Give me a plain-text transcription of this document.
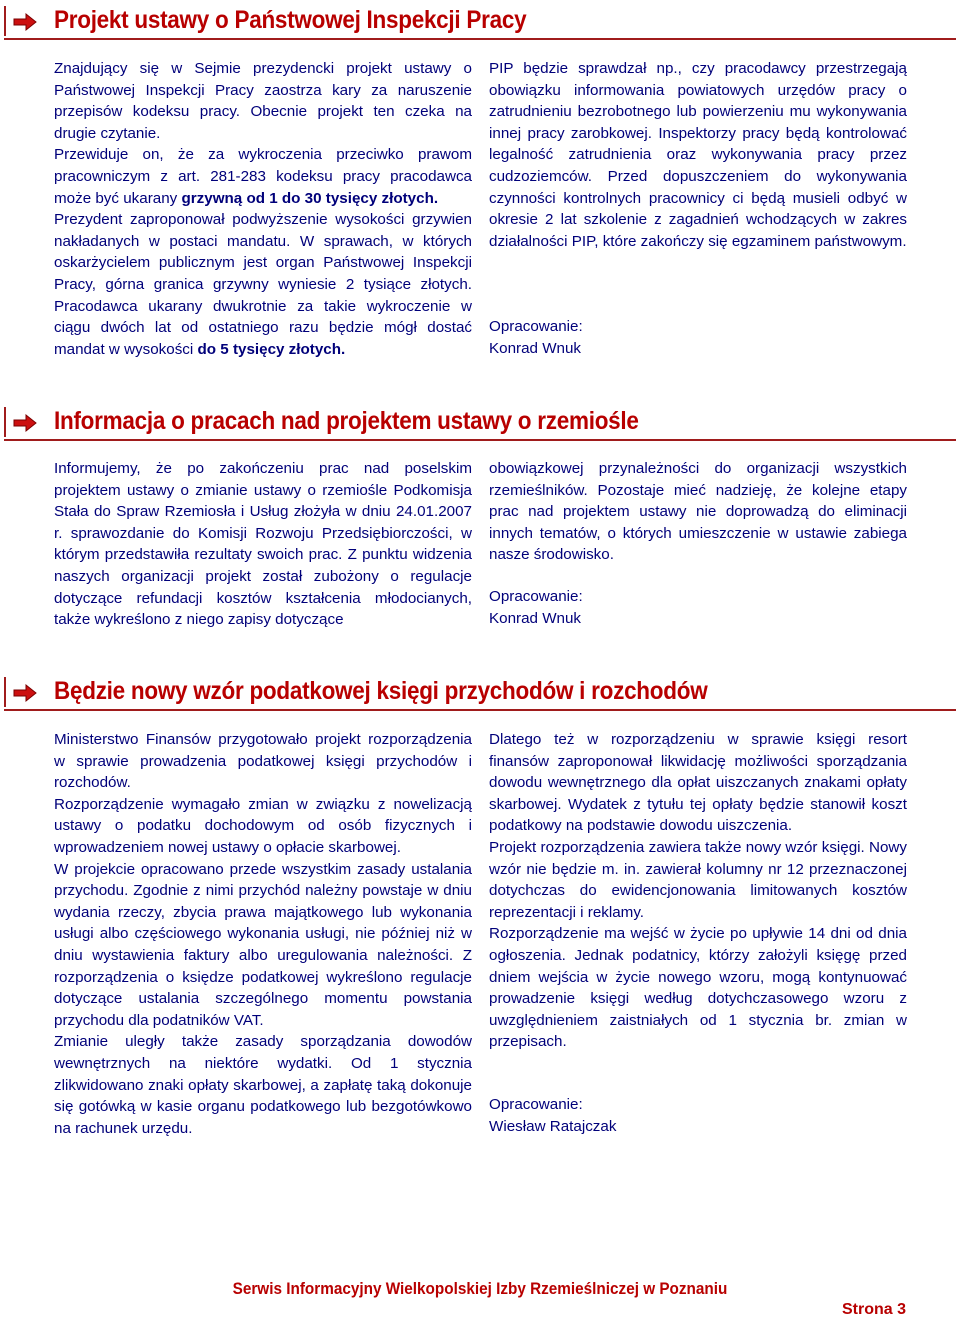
Projekt ustawy o Państwowej Inspekcji Pracy

Znajdujący się w Sejmie prezydencki projekt ustawy o Państwowej Inspekcji Pracy zaostrza kary za naruszenie przepisów kodeksu pracy. Obecnie projekt ten czeka na drugie czytanie.

Przewiduje on, że za wykroczenia przeciwko prawom pracowniczym z art. 281-283 kodeksu pracy pracodawca może być ukarany grzywną od 1 do 30 tysięcy złotych.

Prezydent zaproponował podwyższenie wysokości grzywien nakładanych w postaci mandatu. W sprawach, w których oskarżycielem publicznym jest organ Państwowej Inspekcji Pracy, górna granica grzywny wyniesie 2 tysiące złotych. Pracodawca ukarany dwukrotnie za takie wykroczenie w ciągu dwóch lat od ostatniego razu będzie mógł dostać mandat w wysokości do 5 tysięcy złotych.

PIP będzie sprawdzał np., czy pracodawcy przestrzegają obowiązku informowania powiatowych urzędów pracy o zatrudnieniu bezrobotnego lub powierzeniu mu wykonywania innej pracy zarobkowej. Inspektorzy pracy będą kontrolować legalność zatrudnienia oraz wykonywania pracy przez cudzoziemców. Przed dopuszczeniem do wykonywania czynności kontrolnych pracownicy ci będą musieli odbyć w okresie 2 lat szkolenie z zagadnień wchodzących w zakres działalności PIP, które zakończy się egzaminem państwowym.

Opracowanie:
Konrad Wnuk
Informacja o pracach nad projektem ustawy o rzemiośle

Informujemy, że po zakończeniu prac nad poselskim projektem ustawy o zmianie ustawy o rzemiośle Podkomisja Stała do Spraw Rzemiosła i Usług złożyła w dniu 24.01.2007 r. sprawozdanie do Komisji Rozwoju Przedsiębiorczości, w którym przedstawiła rezultaty swoich prac. Z punktu widzenia naszych organizacji projekt został zubożony o regulacje dotyczące refundacji kosztów kształcenia młodocianych, także wykreślono z niego zapisy dotyczące

obowiązkowej przynależności do organizacji wszystkich rzemieślników. Pozostaje mieć nadzieję, że kolejne etapy prac nad projektem ustawy nie doprowadzą do eliminacji innych tematów, o których umieszczenie w ustawie zabiega nasze środowisko.

Opracowanie:
Konrad Wnuk
Będzie nowy wzór podatkowej księgi przychodów i rozchodów

Ministerstwo Finansów przygotowało projekt rozporządzenia w sprawie prowadzenia podatkowej księgi przychodów i rozchodów.

Rozporządzenie wymagało zmian w związku z nowelizacją ustawy o podatku dochodowym od osób fizycznych i wprowadzeniem nowej ustawy o opłacie skarbowej.

W projekcie opracowano przede wszystkim zasady ustalania przychodu. Zgodnie z nimi przychód należny powstaje w dniu wydania rzeczy, zbycia prawa majątkowego lub wykonania usługi albo częściowego wykonania usługi, nie później niż w dniu wystawienia faktury albo uregulowania należności. Z rozporządzenia o księdze podatkowej wykreślono regulacje dotyczące ustalania szczególnego momentu powstania przychodu dla podatników VAT.

Zmianie uległy także zasady sporządzania dowodów wewnętrznych na niektóre wydatki. Od 1 stycznia zlikwidowano znaki opłaty skarbowej, a zapłatę taką dokonuje się gotówką w kasie organu podatkowego lub bezgotówkowo na rachunek urzędu.

Dlatego też w rozporządzeniu w sprawie księgi resort finansów zaproponował likwidację możliwości sporządzania dowodu wewnętrznego dla opłat uiszczanych znakami opłaty skarbowej. Wydatek z tytułu tej opłaty będzie stanowił koszt podatkowy na podstawie dowodu uiszczenia.

Projekt rozporządzenia zawiera także nowy wzór księgi. Nowy wzór nie będzie m. in. zawierał kolumny nr 12 przeznaczonej dotychczas do ewidencjonowania limitowanych kosztów reprezentacji i reklamy.

Rozporządzenie ma wejść w życie po upływie 14 dni od dnia ogłoszenia. Jednak podatnicy, którzy założyli księgę przed dniem wejścia w życie nowego wzoru, mogą kontynuować prowadzenie księgi według dotychczasowego wzoru z uwzględnieniem zaistniałych od 1 stycznia br. zmian w przepisach.

Opracowanie:
Wiesław Ratajczak
Serwis Informacyjny Wielkopolskiej Izby Rzemieślniczej w Poznaniu
Strona 3
